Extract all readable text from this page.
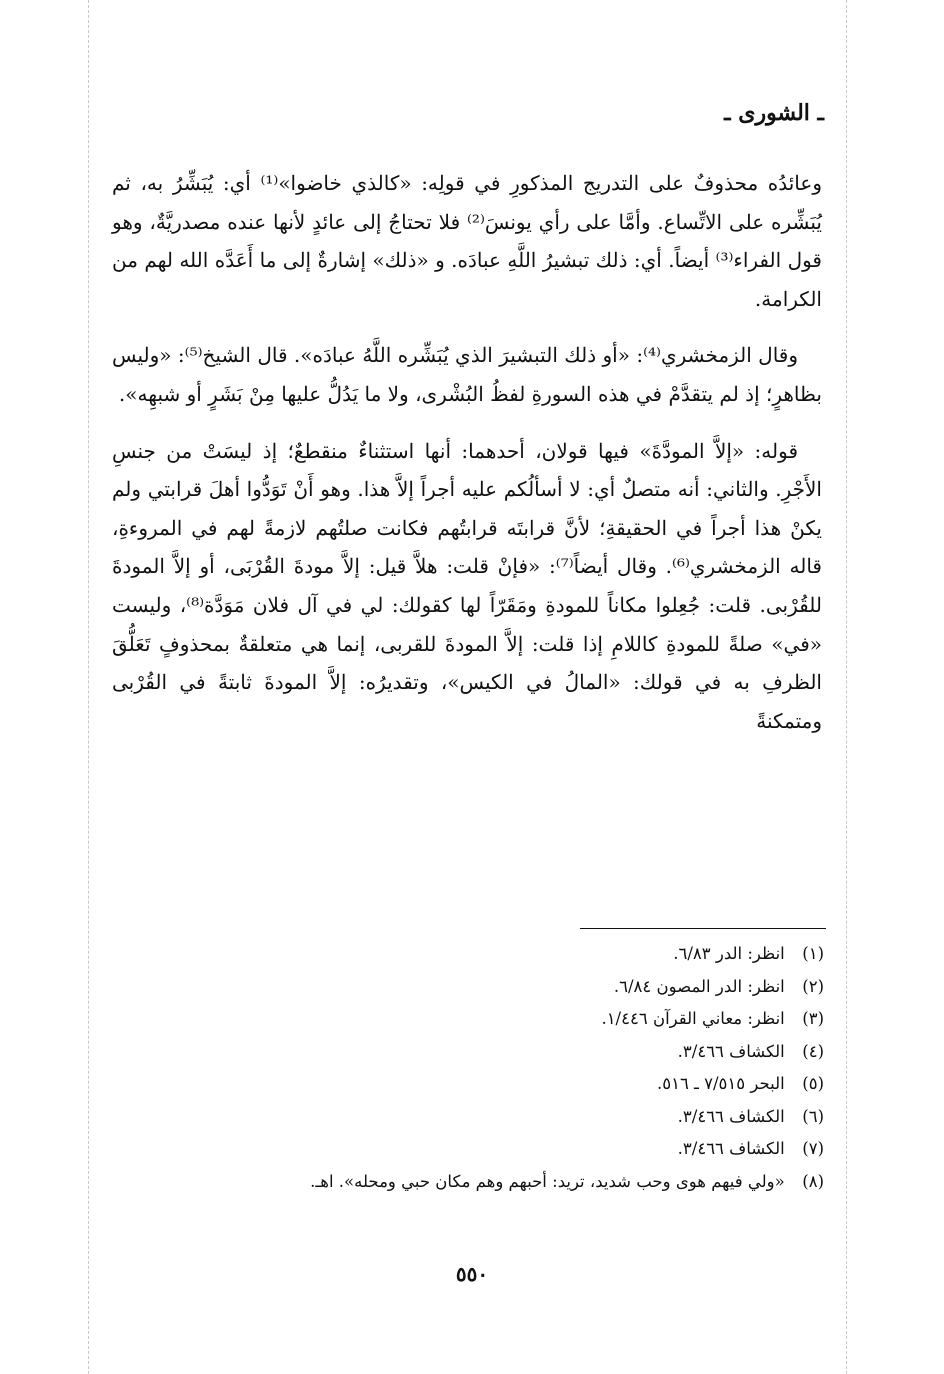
ـ الشورى ـ

وعائدُه محذوفٌ على التدريج المذكورِ في قولِه: «كالذي خاضوا»⁽¹⁾ أي: يُبَشِّرُ به، ثم يُبَشِّره على الاتِّساع. وأمَّا على رأي يونسَ⁽²⁾ فلا تحتاجُ إلى عائدٍ لأنها عنده مصدريَّةٌ، وهو قول الفراء⁽³⁾ أيضاً. أي: ذلك تبشيرُ اللَّهِ عبادَه. و «ذلك» إشارةٌ إلى ما أَعَدَّه الله لهم من الكرامة.

وقال الزمخشري⁽⁴⁾: «أو ذلك التبشيرَ الذي يُبَشِّره اللَّهُ عبادَه». قال الشيخ⁽⁵⁾: «وليس بظاهرٍ؛ إذ لم يتقدَّمْ في هذه السورةِ لفظُ البُشْرى، ولا ما يَدُلُّ عليها مِنْ بَشَرٍ أو شبهِه».

قوله: «إلاَّ المودَّةَ» فيها قولان، أحدهما: أنها استثناءٌ منقطعٌ؛ إذ ليسَتْ من جنسِ الأَجْرِ. والثاني: أنه متصلٌ أي: لا أسألُكم عليه أجراً إلاَّ هذا. وهو أَنْ تَوَدُّوا أهلَ قرابتي ولم يكنْ هذا أجراً في الحقيقةِ؛ لأنَّ قرابتَه قرابتُهم فكانت صلتُهم لازمةً لهم في المروءةِ، قاله الزمخشري⁽⁶⁾. وقال أيضاً⁽⁷⁾: «فإنْ قلت: هلاَّ قيل: إلاَّ مودةَ القُرْبَى، أو إلاَّ المودةَ للقُرْبى. قلت: جُعِلوا مكاناً للمودةِ ومَقَرّاً لها كقولك: لي في آل فلان مَوَدَّة⁽⁸⁾، وليست «في» صلةً للمودةِ كاللامِ إذا قلت: إلاَّ المودةَ للقربى، إنما هي متعلقةٌ بمحذوفٍ تَعَلُّقَ الظرفِ به في قولك: «المالُ في الكيس»، وتقديرُه: إلاَّ المودةَ ثابتةً في القُرْبى ومتمكنةً

(١) انظر: الدر ٦/٨٣.
(٢) انظر: الدر المصون ٦/٨٤.
(٣) انظر: معاني القرآن ١/٤٤٦.
(٤) الكشاف ٣/٤٦٦.
(٥) البحر ٧/٥١٥ ـ ٥١٦.
(٦) الكشاف ٣/٤٦٦.
(٧) الكشاف ٣/٤٦٦.
(٨) «ولي فيهم هوى وحب شديد، تريد: أحبهم وهم مكان حبي ومحله». اهـ.
٥٥٠
